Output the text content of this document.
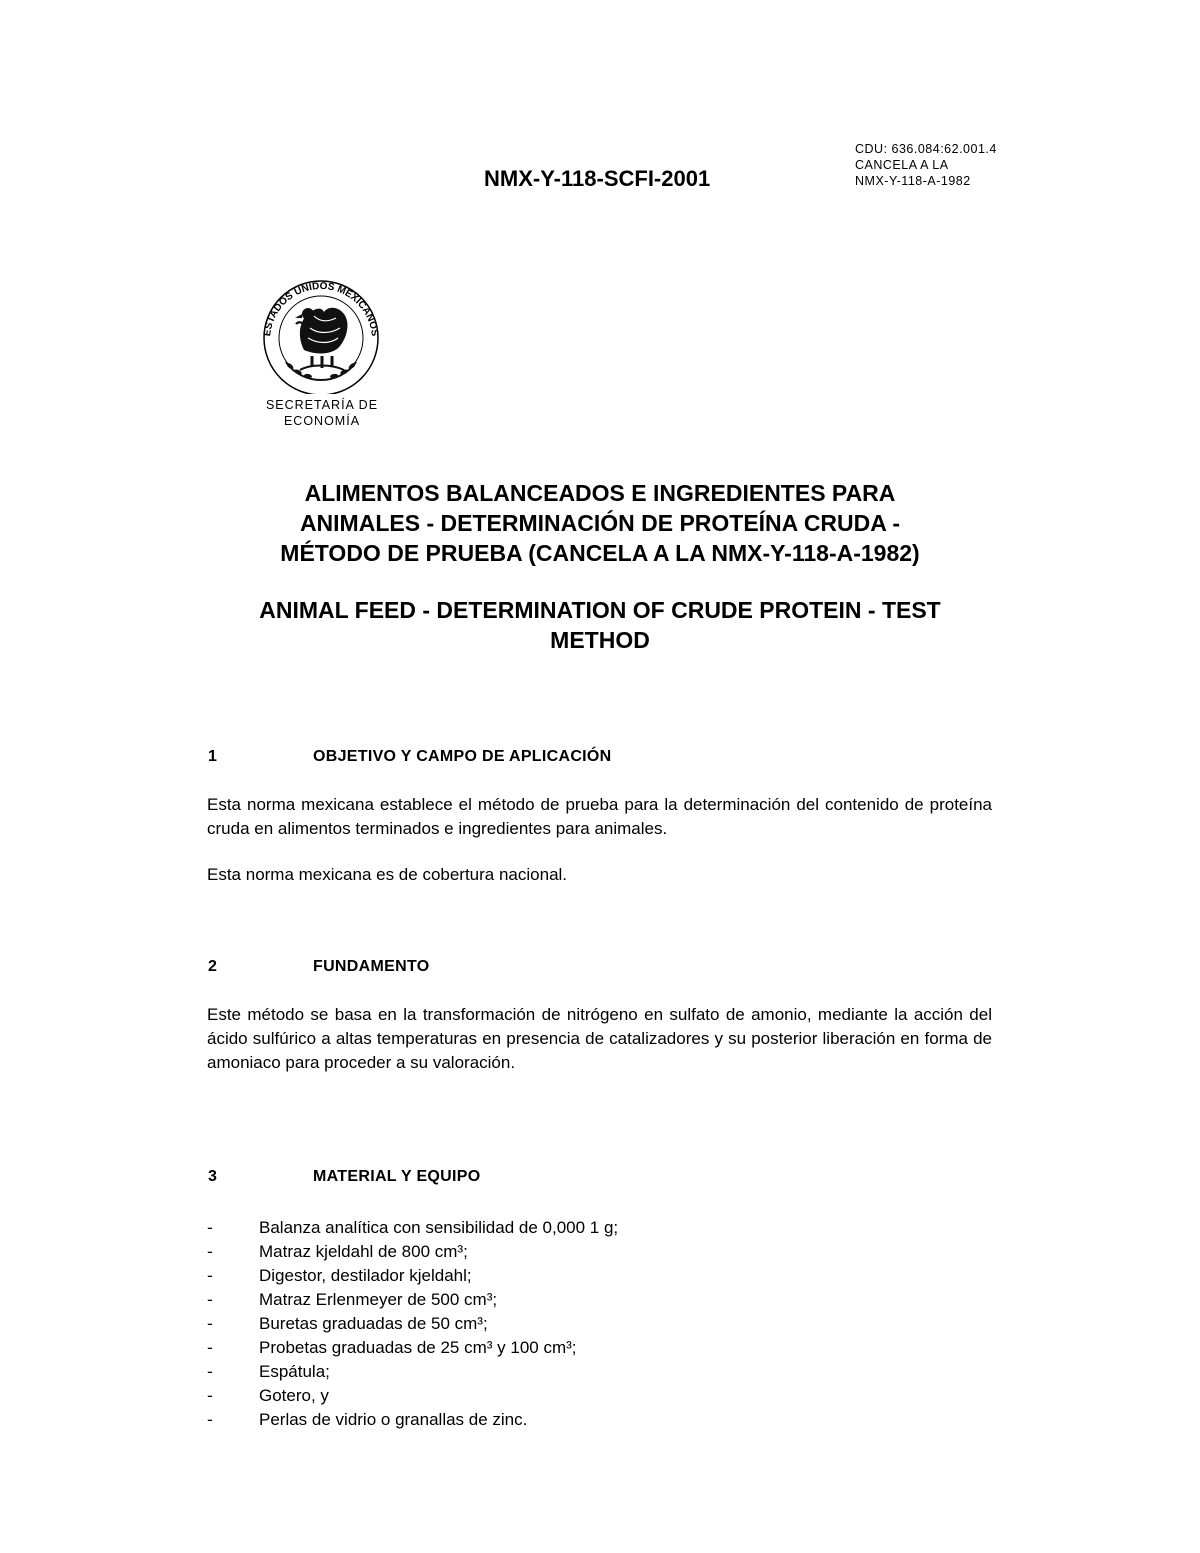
NMX-Y-118-SCFI-2001
CDU: 636.084:62.001.4
CANCELA A LA
NMX-Y-118-A-1982
ESTADOS UNIDOS MEXICANOS
SECRETARÍA DE
ECONOMÍA
ALIMENTOS BALANCEADOS E INGREDIENTES PARA
ANIMALES - DETERMINACIÓN DE PROTEÍNA CRUDA -
MÉTODO DE PRUEBA (CANCELA A LA NMX-Y-118-A-1982)
ANIMAL FEED - DETERMINATION OF CRUDE PROTEIN - TEST
METHOD
1	OBJETIVO Y CAMPO DE APLICACIÓN
Esta norma mexicana establece el método de prueba para la determinación del contenido de proteína cruda en alimentos terminados e ingredientes para animales.
Esta norma mexicana es de cobertura nacional.
2	FUNDAMENTO
Este método se basa en la transformación de nitrógeno en sulfato de amonio, mediante la acción del ácido sulfúrico a altas temperaturas en presencia de catalizadores y su posterior liberación en forma de amoniaco para proceder a su valoración.
3	MATERIAL Y EQUIPO
-	Balanza analítica con sensibilidad de 0,000 1 g;
-	Matraz kjeldahl de 800 cm³;
-	Digestor, destilador kjeldahl;
-	Matraz Erlenmeyer de 500 cm³;
-	Buretas graduadas de 50 cm³;
-	Probetas graduadas de 25 cm³ y 100 cm³;
-	Espátula;
-	Gotero, y
-	Perlas de vidrio o granallas de zinc.
